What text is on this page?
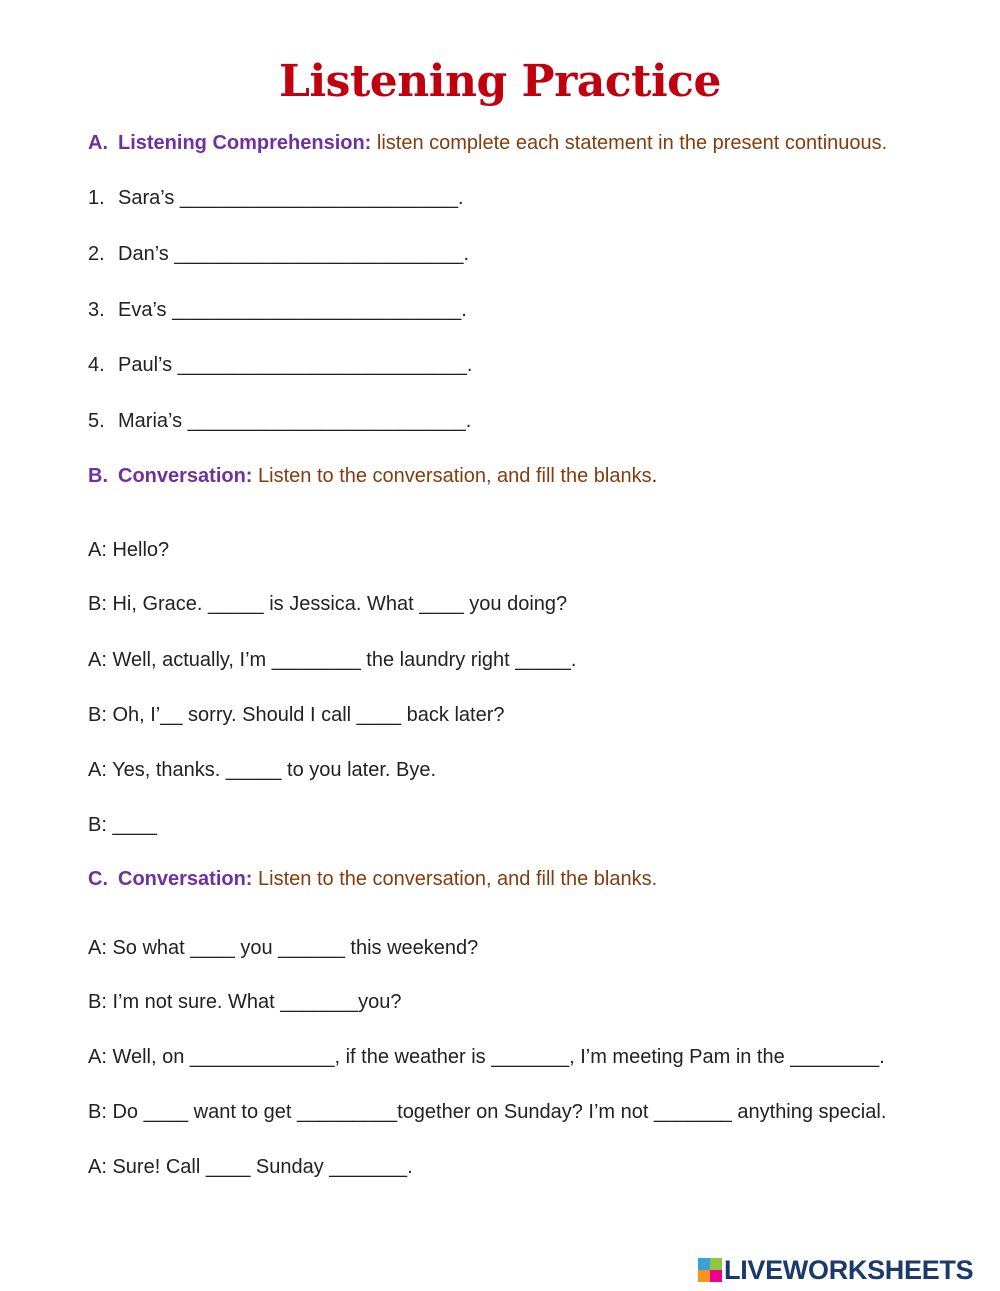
Listening Practice
A. Listening Comprehension: listen complete each statement in the present continuous.
1. Sara’s _________________________.
2. Dan’s __________________________.
3. Eva’s __________________________.
4. Paul’s __________________________.
5. Maria’s _________________________.
B. Conversation: Listen to the conversation, and fill the blanks.
A: Hello?
B: Hi, Grace. _____ is Jessica. What ____ you doing?
A: Well, actually, I’m ________ the laundry right _____.
B: Oh, I’__ sorry. Should I call ____ back later?
A: Yes, thanks. _____ to you later. Bye.
B: ____
C. Conversation: Listen to the conversation, and fill the blanks.
A: So what ____ you ______ this weekend?
B: I’m not sure. What _______you?
A: Well, on _____________, if the weather is _______, I’m meeting Pam in the ________.
B: Do ____ want to get _________together on Sunday? I’m not _______ anything special.
A: Sure! Call ____ Sunday _______.
LIVEWORKSHEETS
